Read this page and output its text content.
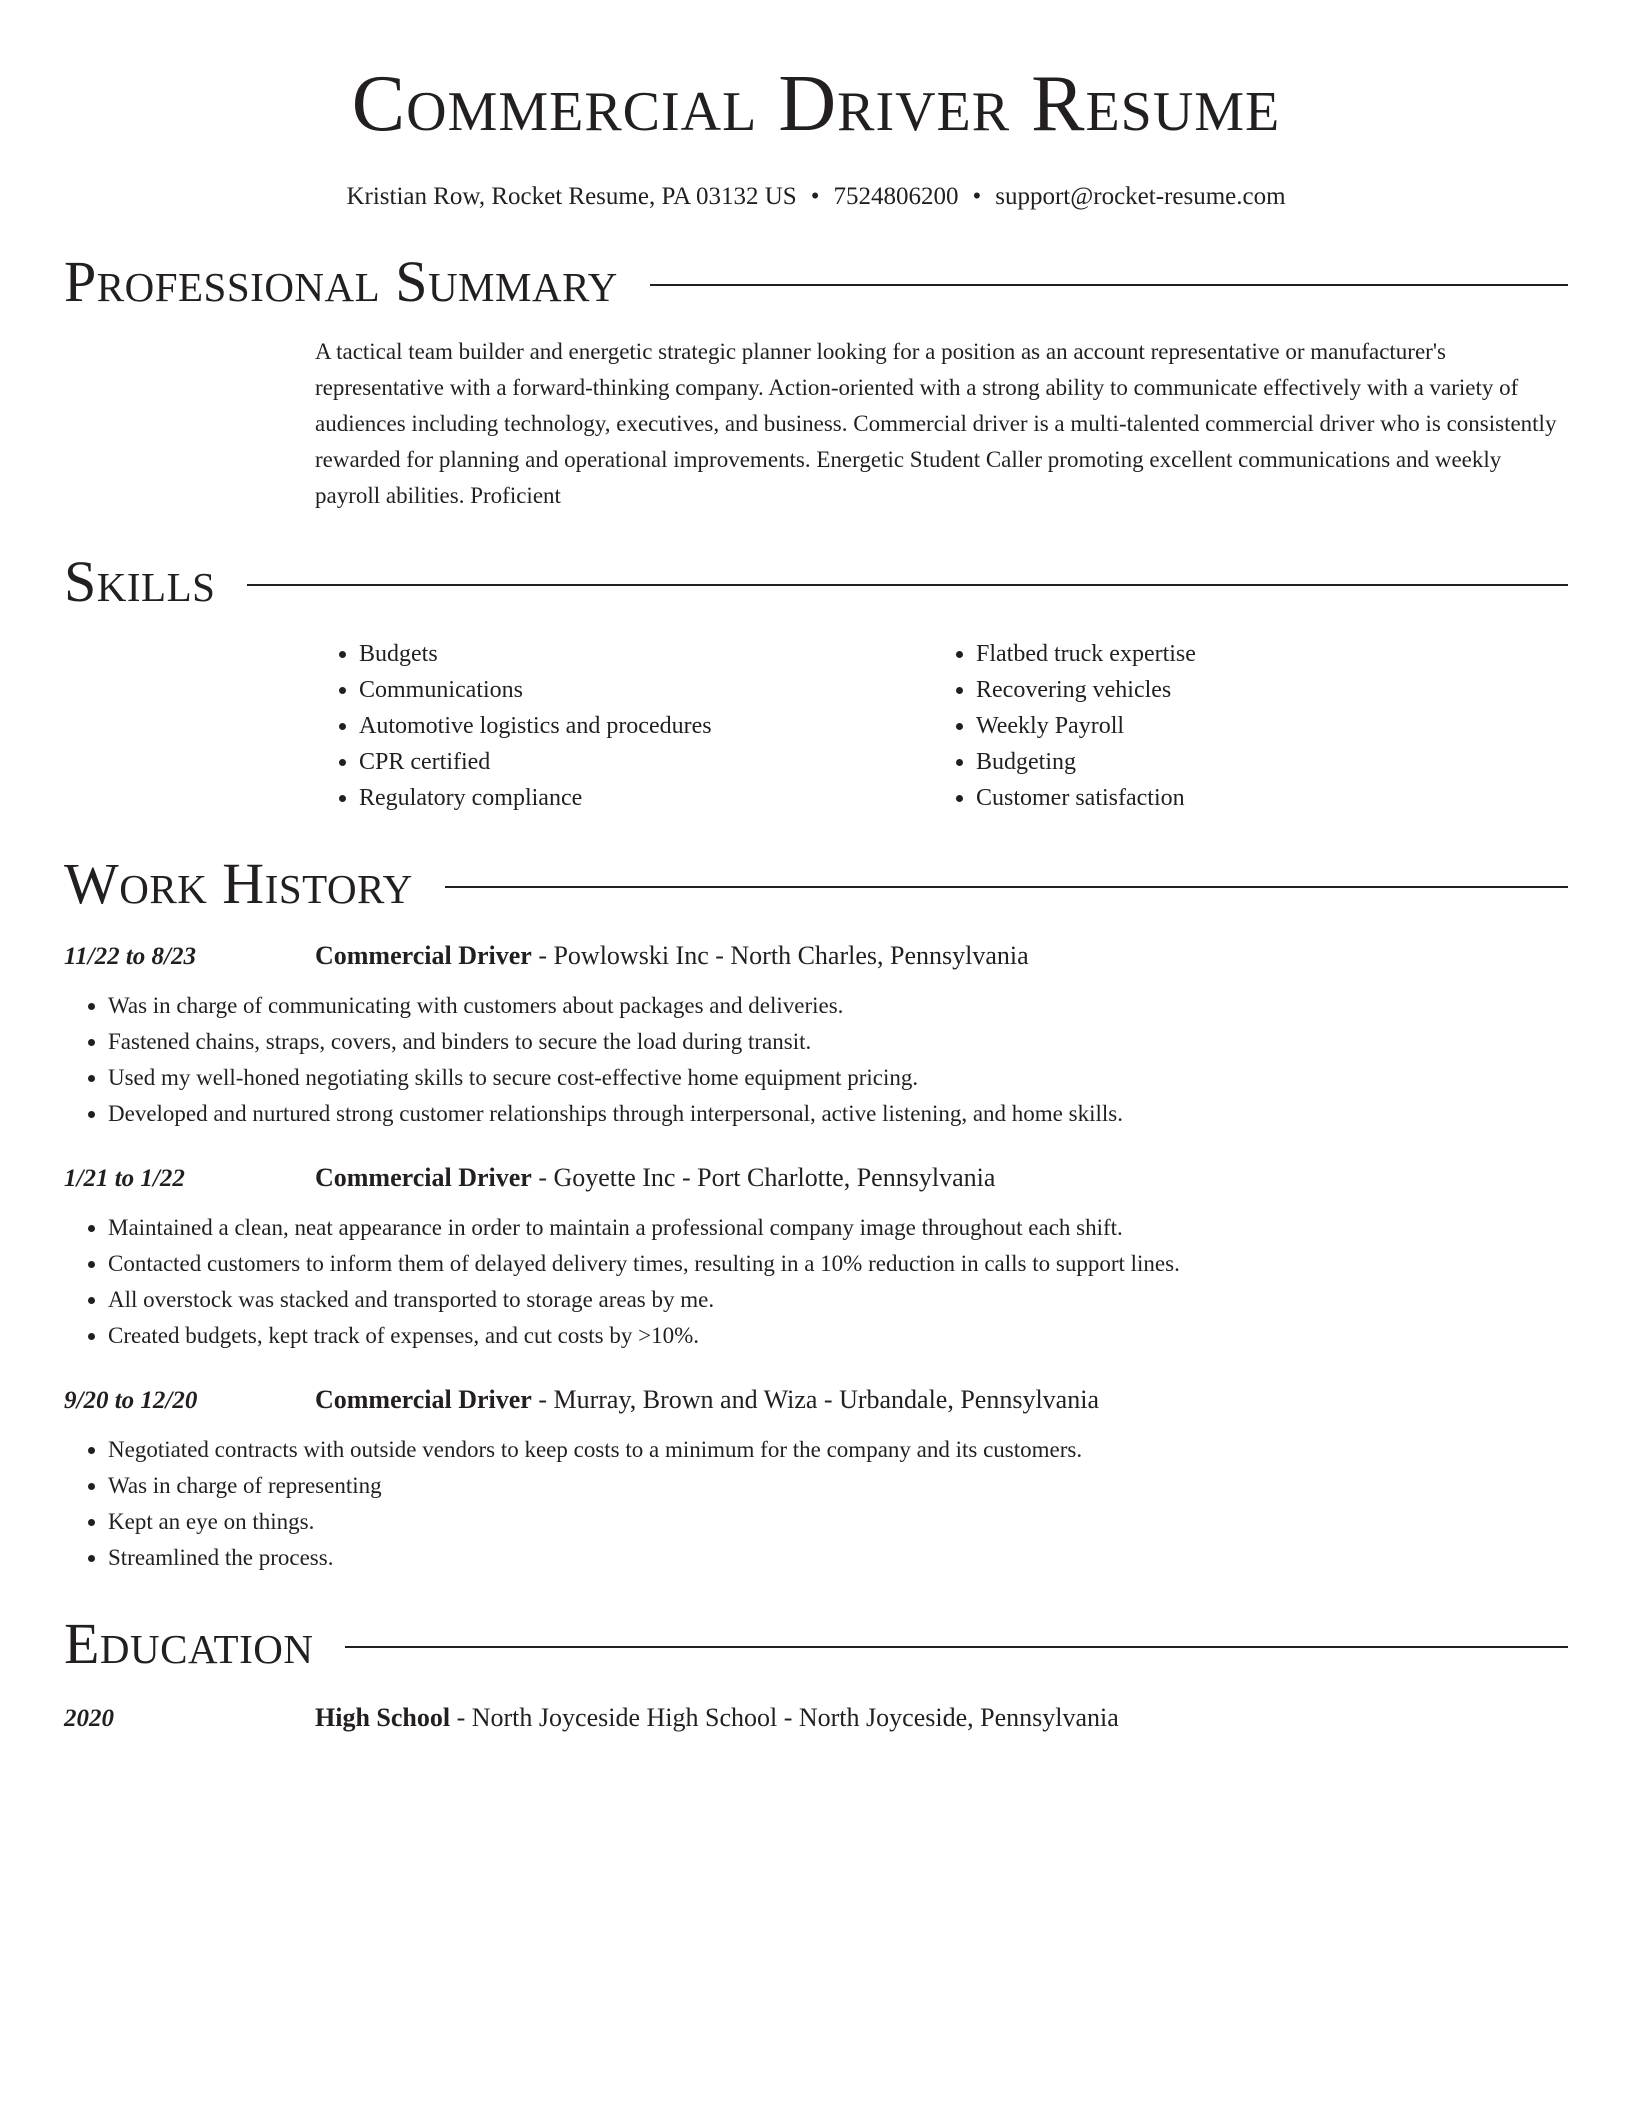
Commercial Driver Resume
Kristian Row, Rocket Resume, PA 03132 US • 7524806200 • support@rocket-resume.com
Professional Summary

A tactical team builder and energetic strategic planner looking for a position as an account representative or manufacturer's representative with a forward-thinking company. Action-oriented with a strong ability to communicate effectively with a variety of audiences including technology, executives, and business. Commercial driver is a multi-talented commercial driver who is consistently rewarded for planning and operational improvements. Energetic Student Caller promoting excellent communications and weekly payroll abilities. Proficient

Skills
• Budgets
• Communications
• Automotive logistics and procedures
• CPR certified
• Regulatory compliance
• Flatbed truck expertise
• Recovering vehicles
• Weekly Payroll
• Budgeting
• Customer satisfaction
Work History
11/22 to 8/23	Commercial Driver - Powlowski Inc - North Charles, Pennsylvania
• Was in charge of communicating with customers about packages and deliveries.
• Fastened chains, straps, covers, and binders to secure the load during transit.
• Used my well-honed negotiating skills to secure cost-effective home equipment pricing.
• Developed and nurtured strong customer relationships through interpersonal, active listening, and home skills.
1/21 to 1/22	Commercial Driver - Goyette Inc - Port Charlotte, Pennsylvania
• Maintained a clean, neat appearance in order to maintain a professional company image throughout each shift.
• Contacted customers to inform them of delayed delivery times, resulting in a 10% reduction in calls to support lines.
• All overstock was stacked and transported to storage areas by me.
• Created budgets, kept track of expenses, and cut costs by >10%.
9/20 to 12/20	Commercial Driver - Murray, Brown and Wiza - Urbandale, Pennsylvania
• Negotiated contracts with outside vendors to keep costs to a minimum for the company and its customers.
• Was in charge of representing
• Kept an eye on things.
• Streamlined the process.
Education
2020	High School - North Joyceside High School - North Joyceside, Pennsylvania
